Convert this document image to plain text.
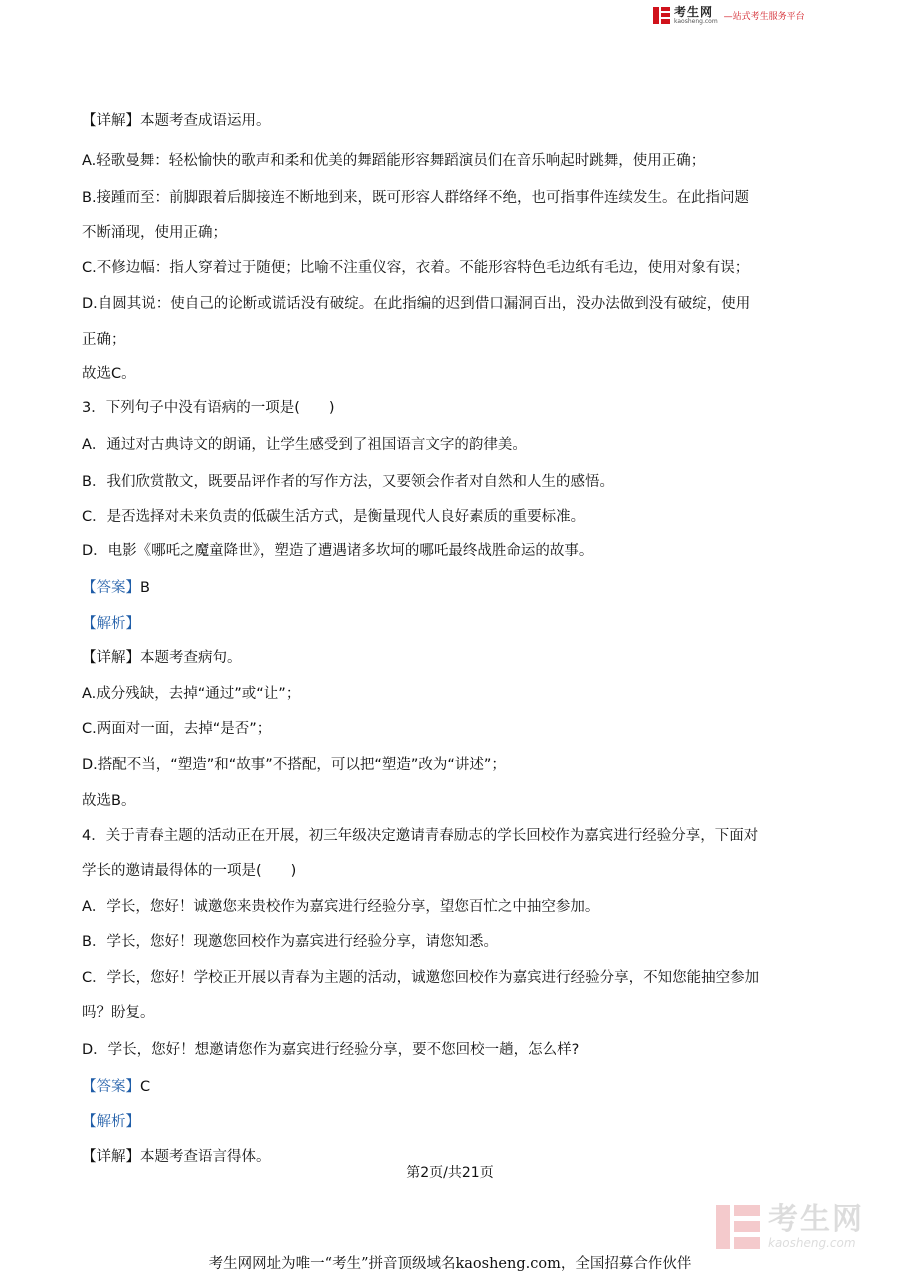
考生网
kaosheng.com —站式考生服务平台
【详解】本题考查成语运用。
A.轻歌曼舞：轻松愉快的歌声和柔和优美的舞蹈能形容舞蹈演员们在音乐响起时跳舞，使用正确；
B.接踵而至：前脚跟着后脚接连不断地到来，既可形容人群络绎不绝，也可指事件连续发生。在此指问题
不断涌现，使用正确；
C.不修边幅：指人穿着过于随便；比喻不注重仪容，衣着。不能形容特色毛边纸有毛边，使用对象有误；
D.自圆其说：使自己的论断或谎话没有破绽。在此指编的迟到借口漏洞百出，没办法做到没有破绽，使用
正确；
故选C。
3．下列句子中没有语病的一项是(　　)
A．通过对古典诗文的朗诵，让学生感受到了祖国语言文字的韵律美。
B．我们欣赏散文，既要品评作者的写作方法，又要领会作者对自然和人生的感悟。
C．是否选择对未来负责的低碳生活方式，是衡量现代人良好素质的重要标准。
D．电影《哪吒之魔童降世》，塑造了遭遇诸多坎坷的哪吒最终战胜命运的故事。
【答案】B
【解析】
【详解】本题考查病句。
A.成分残缺，去掉“通过”或“让”；
C.两面对一面，去掉“是否”；
D.搭配不当，“塑造”和“故事”不搭配，可以把“塑造”改为“讲述”；
故选B。
4．关于青春主题的活动正在开展，初三年级决定邀请青春励志的学长回校作为嘉宾进行经验分享，下面对
学长的邀请最得体的一项是(　　)
A．学长，您好！诚邀您来贵校作为嘉宾进行经验分享，望您百忙之中抽空参加。
B．学长，您好！现邀您回校作为嘉宾进行经验分享，请您知悉。
C．学长，您好！学校正开展以青春为主题的活动，诚邀您回校作为嘉宾进行经验分享，不知您能抽空参加
吗？盼复。
D．学长，您好！想邀请您作为嘉宾进行经验分享，要不您回校一趟，怎么样?
【答案】C
【解析】
【详解】本题考查语言得体。
第2页/共21页
考生网
kaosheng.com
考生网网址为唯一“考生”拼音顶级域名kaosheng.com，全国招募合作伙伴
